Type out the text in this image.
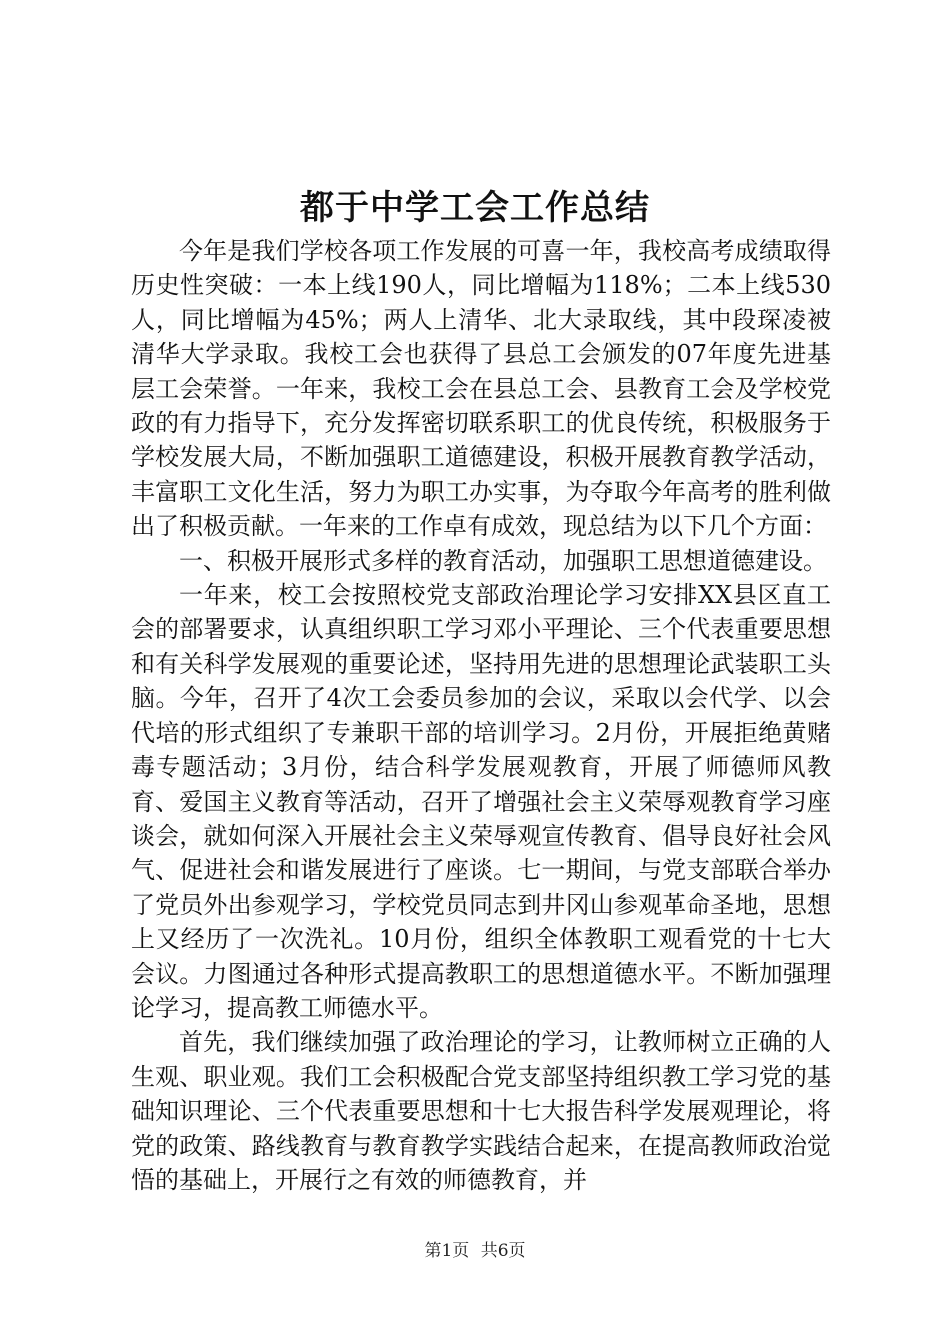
都于中学工会工作总结

今年是我们学校各项工作发展的可喜一年，我校高考成绩取得历史性突破：一本上线190人，同比增幅为118%；二本上线530人，同比增幅为45%；两人上清华、北大录取线，其中段琛凌被清华大学录取。我校工会也获得了县总工会颁发的07年度先进基层工会荣誉。一年来，我校工会在县总工会、县教育工会及学校党政的有力指导下，充分发挥密切联系职工的优良传统，积极服务于学校发展大局，不断加强职工道德建设，积极开展教育教学活动，丰富职工文化生活，努力为职工办实事，为夺取今年高考的胜利做出了积极贡献。一年来的工作卓有成效，现总结为以下几个方面：

一、积极开展形式多样的教育活动，加强职工思想道德建设。

一年来，校工会按照校党支部政治理论学习安排XX县区直工会的部署要求，认真组织职工学习邓小平理论、三个代表重要思想和有关科学发展观的重要论述，坚持用先进的思想理论武装职工头脑。今年，召开了4次工会委员参加的会议，采取以会代学、以会代培的形式组织了专兼职干部的培训学习。2月份，开展拒绝黄赌毒专题活动；3月份，结合科学发展观教育，开展了师德师风教育、爱国主义教育等活动，召开了增强社会主义荣辱观教育学习座谈会，就如何深入开展社会主义荣辱观宣传教育、倡导良好社会风气、促进社会和谐发展进行了座谈。七一期间，与党支部联合举办了党员外出参观学习，学校党员同志到井冈山参观革命圣地，思想上又经历了一次洗礼。10月份，组织全体教职工观看党的十七大会议。力图通过各种形式提高教职工的思想道德水平。不断加强理论学习，提高教工师德水平。

首先，我们继续加强了政治理论的学习，让教师树立正确的人生观、职业观。我们工会积极配合党支部坚持组织教工学习党的基础知识理论、三个代表重要思想和十七大报告科学发展观理论，将党的政策、路线教育与教育教学实践结合起来，在提高教师政治觉悟的基础上，开展行之有效的师德教育，并

第1页 共6页
